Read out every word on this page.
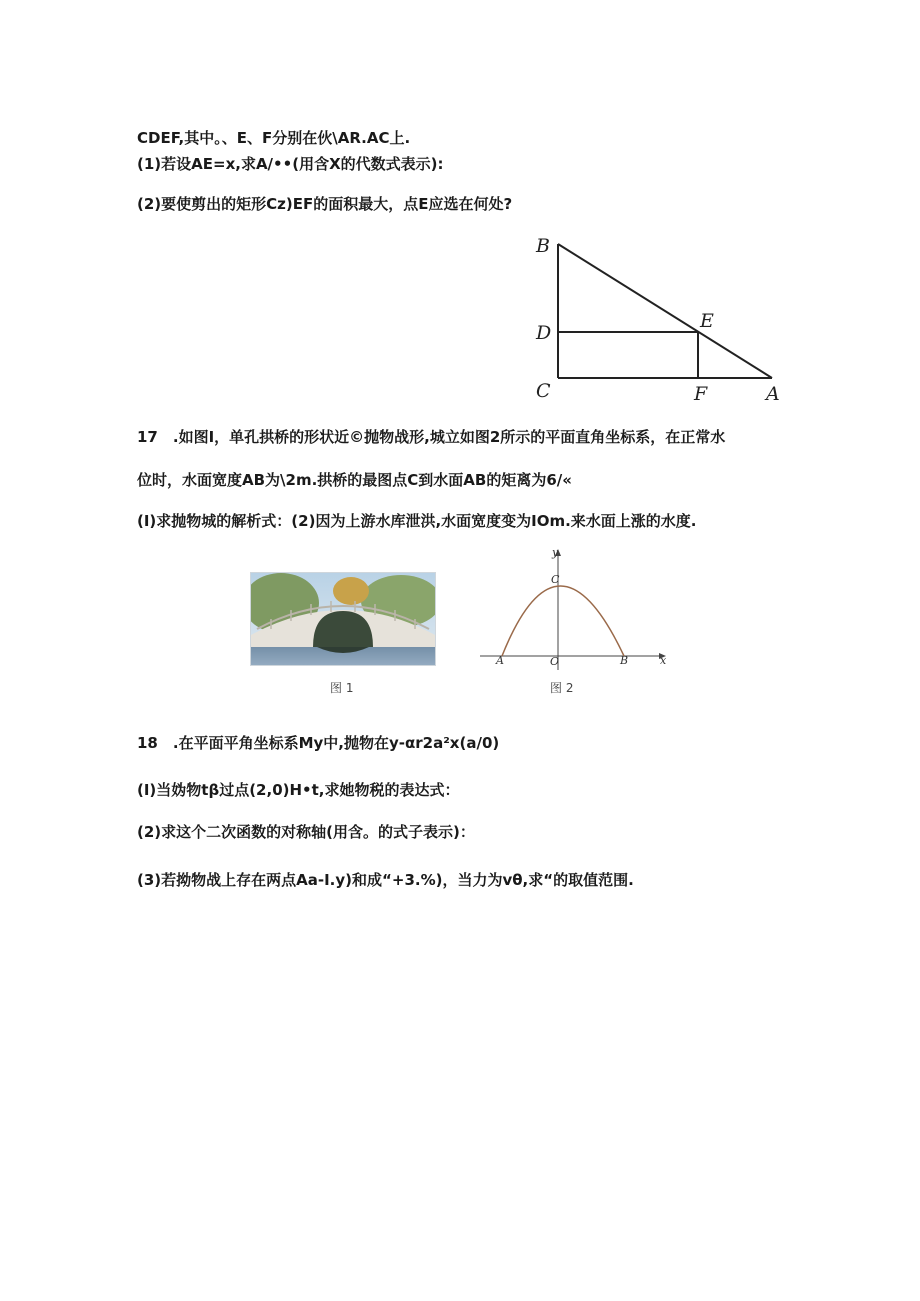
CDEF,其中。、E、F分别在伙\AR.AC上.
(1)若设AE=x,求A/••(用含X的代数式表示):
(2)要使剪出的矩形Cz)EF的面积最大，点E应选在何处?
B
D
E
C	F	A
17　.如图I，单孔拱桥的形状近©抛物战形,城立如图2所示的平面直角坐标系，在正常水
位时，水面宽度AB为\2m.拱桥的最图点C到水面AB的矩离为6/«
(I)求抛物城的解析式：(2)因为上游水库泄洪,水面宽度变为IOm.来水面上涨的水度.
图 1
y
x
C
A	O	B
图 2
18　.在平面平角坐标系My中,抛物在y-αr2a²x(a/0)
(I)当妫物tβ过点(2,0)H•t,求她物税的表达式：
(2)求这个二次函数的对称轴(用含。的式子表示)：
(3)若拗物战上存在两点Aa-I.y)和成“+3.%)，当力为vθ,求“的取值范围.
